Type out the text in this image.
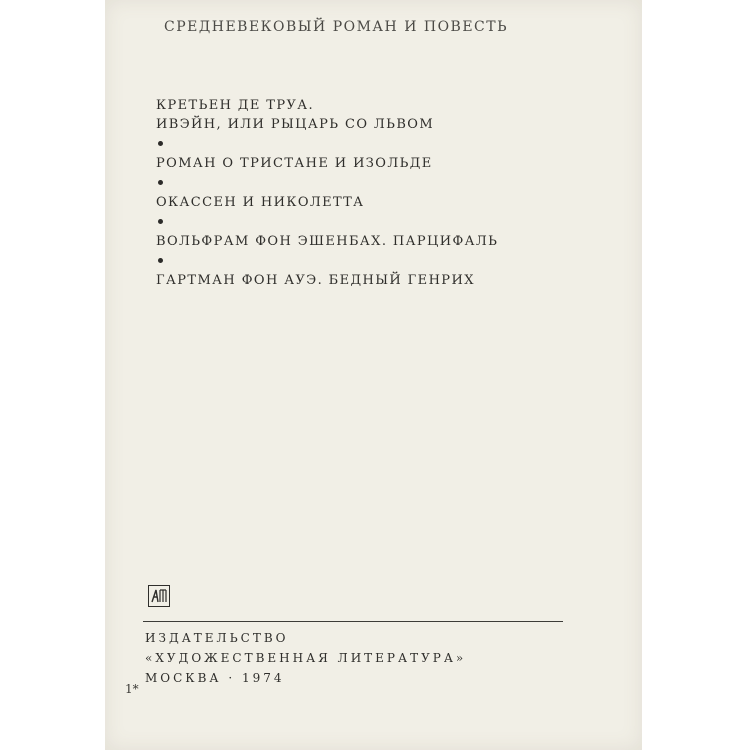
СРЕДНЕВЕКОВЫЙ РОМАН И ПОВЕСТЬ
КРЕТЬЕН ДЕ ТРУА.
ИВЭЙН, ИЛИ РЫЦАРЬ СО ЛЬВОМ
РОМАН О ТРИСТАНЕ И ИЗОЛЬДЕ
ОКАССЕН И НИКОЛЕТТА
ВОЛЬФРАМ ФОН ЭШЕНБАХ. ПАРЦИФАЛЬ
ГАРТМАН ФОН АУЭ. БЕДНЫЙ ГЕНРИХ
ИЗДАТЕЛЬСТВО
«ХУДОЖЕСТВЕННАЯ ЛИТЕРАТУРА»
МОСКВА · 1974
1*
